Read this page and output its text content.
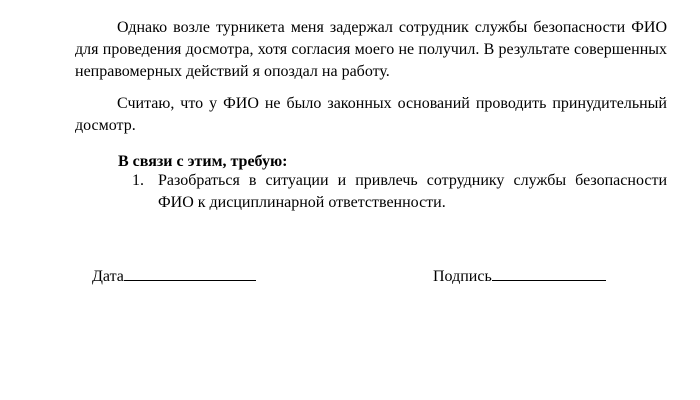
Однако возле турникета меня задержал сотрудник службы безопасности ФИО для проведения досмотра, хотя согласия моего не получил. В результате совершенных неправомерных действий я опоздал на работу.

Считаю, что у ФИО не было законных оснований проводить принудительный досмотр.

В связи с этим, требую:

1. Разобраться в ситуации и привлечь сотруднику службы безопасности ФИО к дисциплинарной ответственности.
Дата	Подпись
